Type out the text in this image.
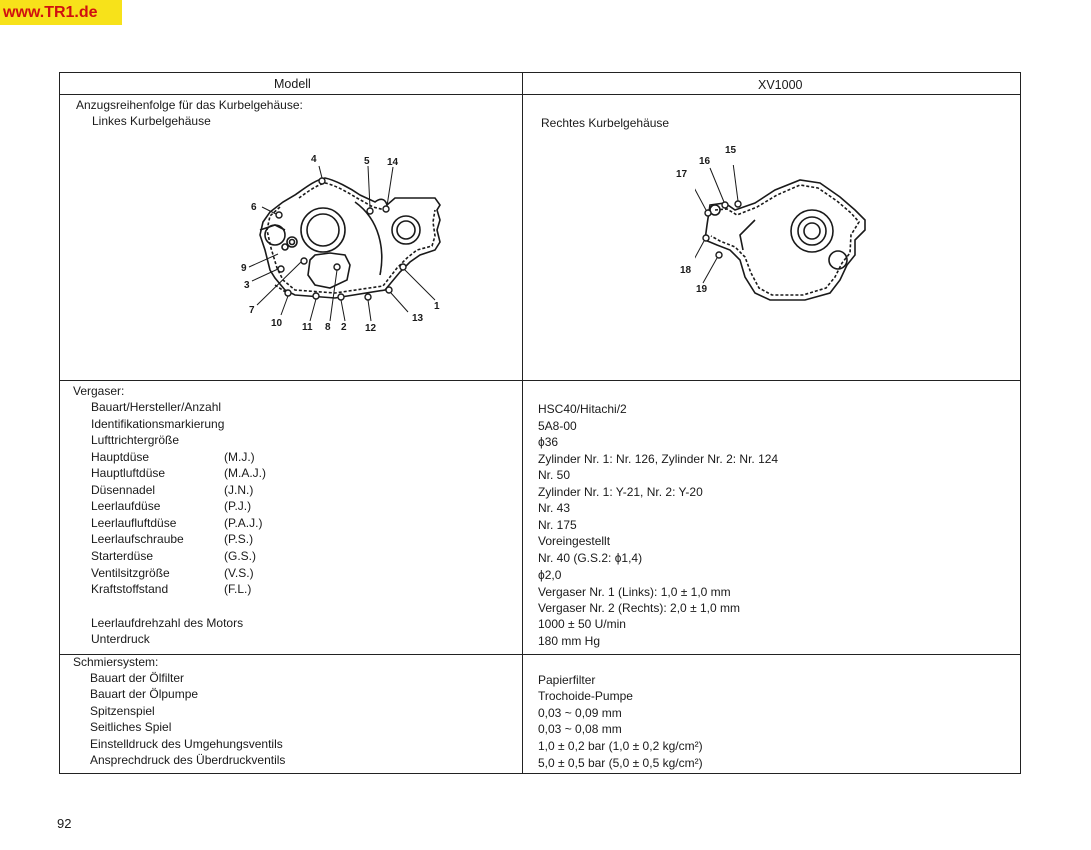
www.TR1.de
Modell	XV1000
Anzugsreihenfolge für das Kurbelgehäuse:
Linkes Kurbelgehäuse	Rechtes Kurbelgehäuse
4	5 14
6
9
3
7
10 11 8 2 12
13
1
15
16
17
18
19
Vergaser:
Bauart/Hersteller/Anzahl	HSC40/Hitachi/2
Identifikationsmarkierung	5A8-00
Lufttrichtergröße	ϕ36
Hauptdüse	(M.J.)	Zylinder Nr. 1: Nr. 126, Zylinder Nr. 2: Nr. 124
Hauptluftdüse	(M.A.J.)	Nr. 50
Düsennadel	(J.N.)	Zylinder Nr. 1: Y-21, Nr. 2: Y-20
Leerlaufdüse	(P.J.)	Nr. 43
Leerlaufluftdüse	(P.A.J.)	Nr. 175
Leerlaufschraube	(P.S.)	Voreingestellt
Starterdüse	(G.S.)	Nr. 40 (G.S.2: ϕ1,4)
Ventilsitzgröße	(V.S.)	ϕ2,0
Kraftstoffstand	(F.L.)	Vergaser Nr. 1 (Links): 1,0 ± 1,0 mm
Vergaser Nr. 2 (Rechts): 2,0 ± 1,0 mm
Leerlaufdrehzahl des Motors	1000 ± 50 U/min
Unterdruck	180 mm Hg
Schmiersystem:
Bauart der Ölfilter	Papierfilter
Bauart der Ölpumpe	Trochoide-Pumpe
Spitzenspiel	0,03 ~ 0,09 mm
Seitliches Spiel	0,03 ~ 0,08 mm
Einstelldruck des Umgehungsventils	1,0 ± 0,2 bar (1,0 ± 0,2 kg/cm²)
Ansprechdruck des Überdruckventils	5,0 ± 0,5 bar (5,0 ± 0,5 kg/cm²)
92
